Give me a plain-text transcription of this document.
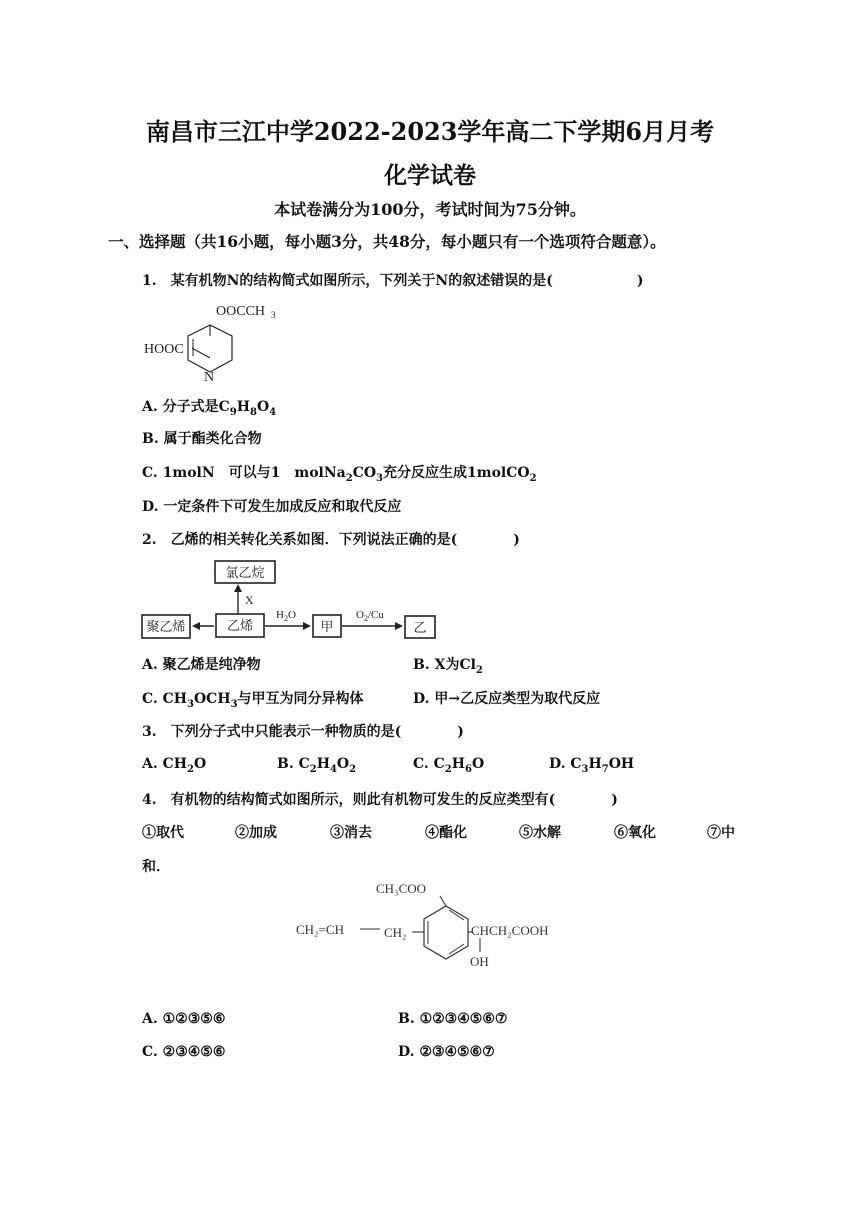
南昌市三江中学2022-2023学年高二下学期6月月考
化学试卷
本试卷满分为100分，考试时间为75分钟。
一、选择题（共16小题，每小题3分，共48分，每小题只有一个选项符合题意）。
1.　某有机物N的结构简式如图所示，下列关于N的叙述错误的是(　　　　　　)
OOCCH 3
HOOC
N
A. 分子式是$C_9H_8O_4$
B. 属于酯类化合物
C. 1molN　可以与1　$molNa_2CO_3$充分反应生成1molCO$_2$
D. 一定条件下可发生加成反应和取代反应
2.　乙烯的相关转化关系如图．下列说法正确的是(　　　　)
氯乙烷
X
聚乙烯	乙烯
$H_2O$
甲
$O_2/Cu$
乙
A. 聚乙烯是纯净物	B. X为$Cl_2$
C. $CH_3OCH_3$与甲互为同分异构体	D. 甲→乙反应类型为取代反应
3.　下列分子式中只能表示一种物质的是(　　　　)
A. $CH_2O$	B. $C_2H_4O_2$	C. $C_2H_6O$	D. $C_3H_7OH$
4.　有机物的结构简式如图所示，则此有机物可发生的反应类型有(　　　　)
①取代	②加成	③消去	④酯化	⑤水解	⑥氧化	⑦中
和．
CH₃COO
CH₂=CH	CH₂	CHCH₂COOH
OH
A. ①②③⑤⑥	B. ①②③④⑤⑥⑦
C. ②③④⑤⑥	D. ②③④⑤⑥⑦
